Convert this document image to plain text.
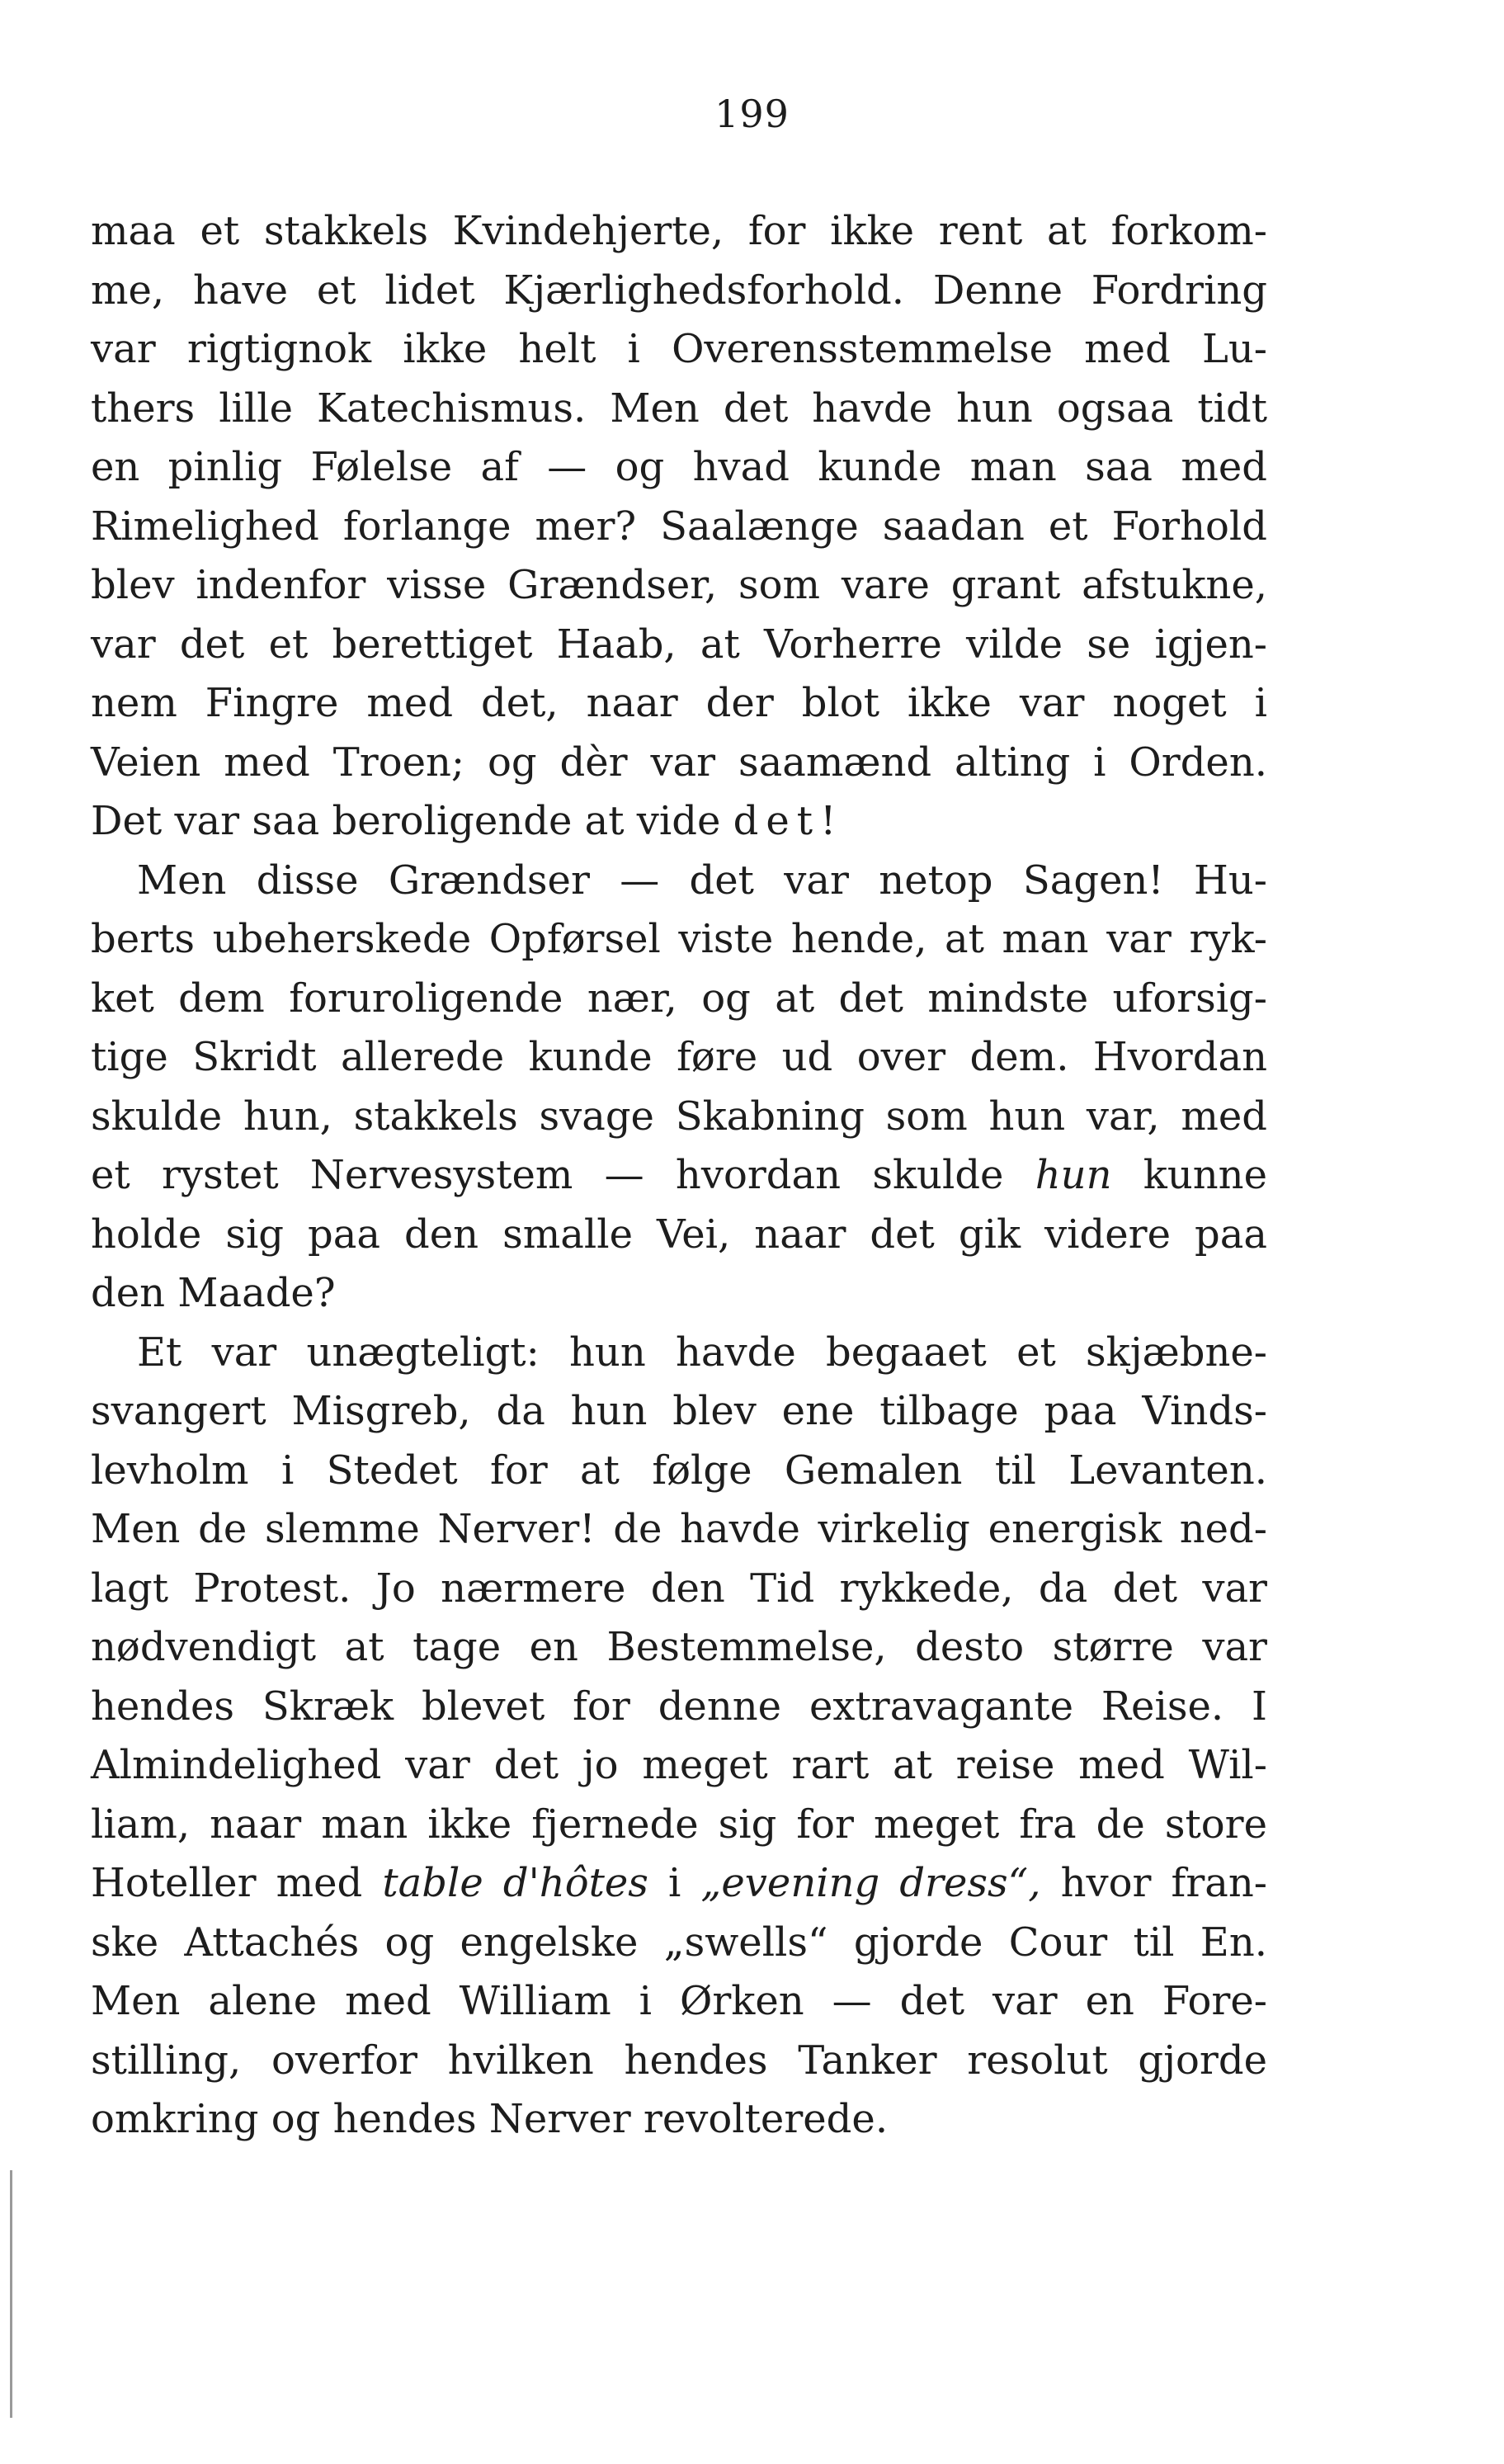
199
maa et stakkels Kvindehjerte, for ikke rent at forkom-
me, have et lidet Kjærlighedsforhold. Denne Fordring
var rigtignok ikke helt i Overensstemmelse med Lu-
thers lille Katechismus. Men det havde hun ogsaa tidt
en pinlig Følelse af — og hvad kunde man saa med
Rimelighed forlange mer? Saalænge saadan et Forhold
blev indenfor visse Grændser, som vare grant afstukne,
var det et berettiget Haab, at Vorherre vilde se igjen-
nem Fingre med det, naar der blot ikke var noget i
Veien med Troen; og dèr var saamænd alting i Orden.
Det var saa beroligende at vide det!
Men disse Grændser — det var netop Sagen! Hu-
berts ubeherskede Opførsel viste hende, at man var ryk-
ket dem foruroligende nær, og at det mindste uforsig-
tige Skridt allerede kunde føre ud over dem. Hvordan
skulde hun, stakkels svage Skabning som hun var, med
et rystet Nervesystem — hvordan skulde hun kunne
holde sig paa den smalle Vei, naar det gik videre paa
den Maade?
Et var unægteligt: hun havde begaaet et skjæbne-
svangert Misgreb, da hun blev ene tilbage paa Vinds-
levholm i Stedet for at følge Gemalen til Levanten.
Men de slemme Nerver! de havde virkelig energisk ned-
lagt Protest. Jo nærmere den Tid rykkede, da det var
nødvendigt at tage en Bestemmelse, desto større var
hendes Skræk blevet for denne extravagante Reise. I
Almindelighed var det jo meget rart at reise med Wil-
liam, naar man ikke fjernede sig for meget fra de store
Hoteller med table d'hôtes i „evening dress“, hvor fran-
ske Attachés og engelske „swells“ gjorde Cour til En.
Men alene med William i Ørken — det var en Fore-
stilling, overfor hvilken hendes Tanker resolut gjorde
omkring og hendes Nerver revolterede.
